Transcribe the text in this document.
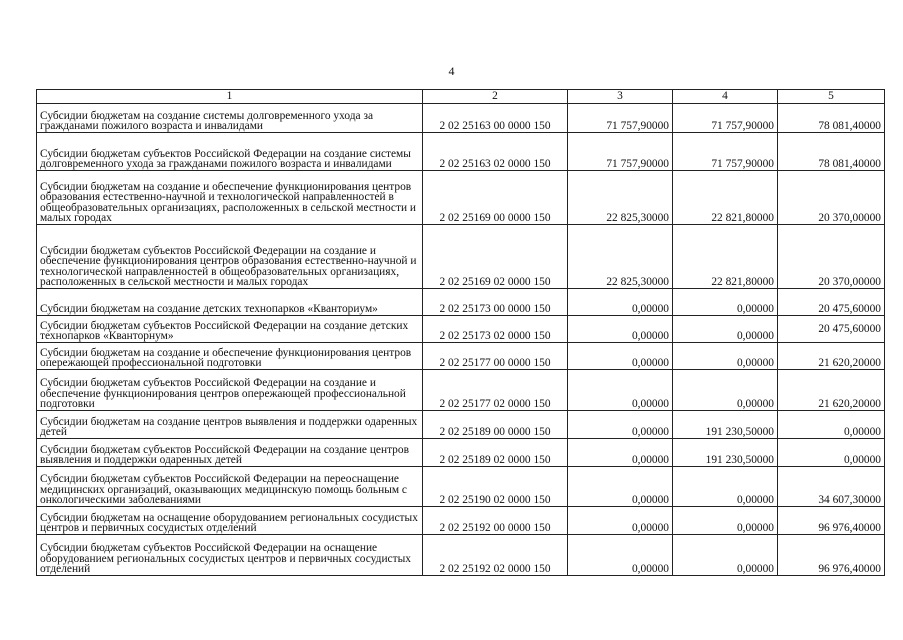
4
1	2	3	4	5
Субсидии бюджетам на создание системы долговременного ухода за гражданами пожилого возраста и инвалидами	2 02 25163 00 0000 150	71 757,90000	71 757,90000	78 081,40000
Субсидии бюджетам субъектов Российской Федерации на создание системы долговременного ухода за гражданами пожилого возраста и инвалидами	2 02 25163 02 0000 150	71 757,90000	71 757,90000	78 081,40000
Субсидии бюджетам на создание и обеспечение функционирования центров образования естественно-научной и технологической направленностей в общеобразовательных организациях, расположенных в сельской местности и малых городах	2 02 25169 00 0000 150	22 825,30000	22 821,80000	20 370,00000
Субсидии бюджетам субъектов Российской Федерации на создание и обеспечение функционирования центров образования естественно-научной и технологической направленностей в общеобразовательных организациях, расположенных в сельской местности и малых городах	2 02 25169 02 0000 150	22 825,30000	22 821,80000	20 370,00000
Субсидии бюджетам на создание детских технопарков «Кванториум»	2 02 25173 00 0000 150	0,00000	0,00000	20 475,60000
Субсидии бюджетам субъектов Российской Федерации на создание детских технопарков «Кванторнум»	2 02 25173 02 0000 150	0,00000	0,00000	20 475,60000
Субсидии бюджетам на создание и обеспечение функционирования центров опережающей профессиональной подготовки	2 02 25177 00 0000 150	0,00000	0,00000	21 620,20000
Субсидии бюджетам субъектов Российской Федерации на создание и обеспечение функционирования центров опережающей профессиональной подготовки	2 02 25177 02 0000 150	0,00000	0,00000	21 620,20000
Субсидии бюджетам на создание центров выявления и поддержки одаренных детей	2 02 25189 00 0000 150	0,00000	191 230,50000	0,00000
Субсидии бюджетам субъектов Российской Федерации на создание центров выявления и поддержки одаренных детей	2 02 25189 02 0000 150	0,00000	191 230,50000	0,00000
Субсидии бюджетам субъектов Российской Федерации на переоснащение медицинских организаций, оказывающих медицинскую помощь больным с онкологическими заболеваниями	2 02 25190 02 0000 150	0,00000	0,00000	34 607,30000
Субсидии бюджетам на оснащение оборудованием региональных сосудистых центров и первичных сосудистых отделений	2 02 25192 00 0000 150	0,00000	0,00000	96 976,40000
Субсидии бюджетам субъектов Российской Федерации на оснащение оборудованием региональных сосудистых центров и первичных сосудистых отделений	2 02 25192 02 0000 150	0,00000	0,00000	96 976,40000
